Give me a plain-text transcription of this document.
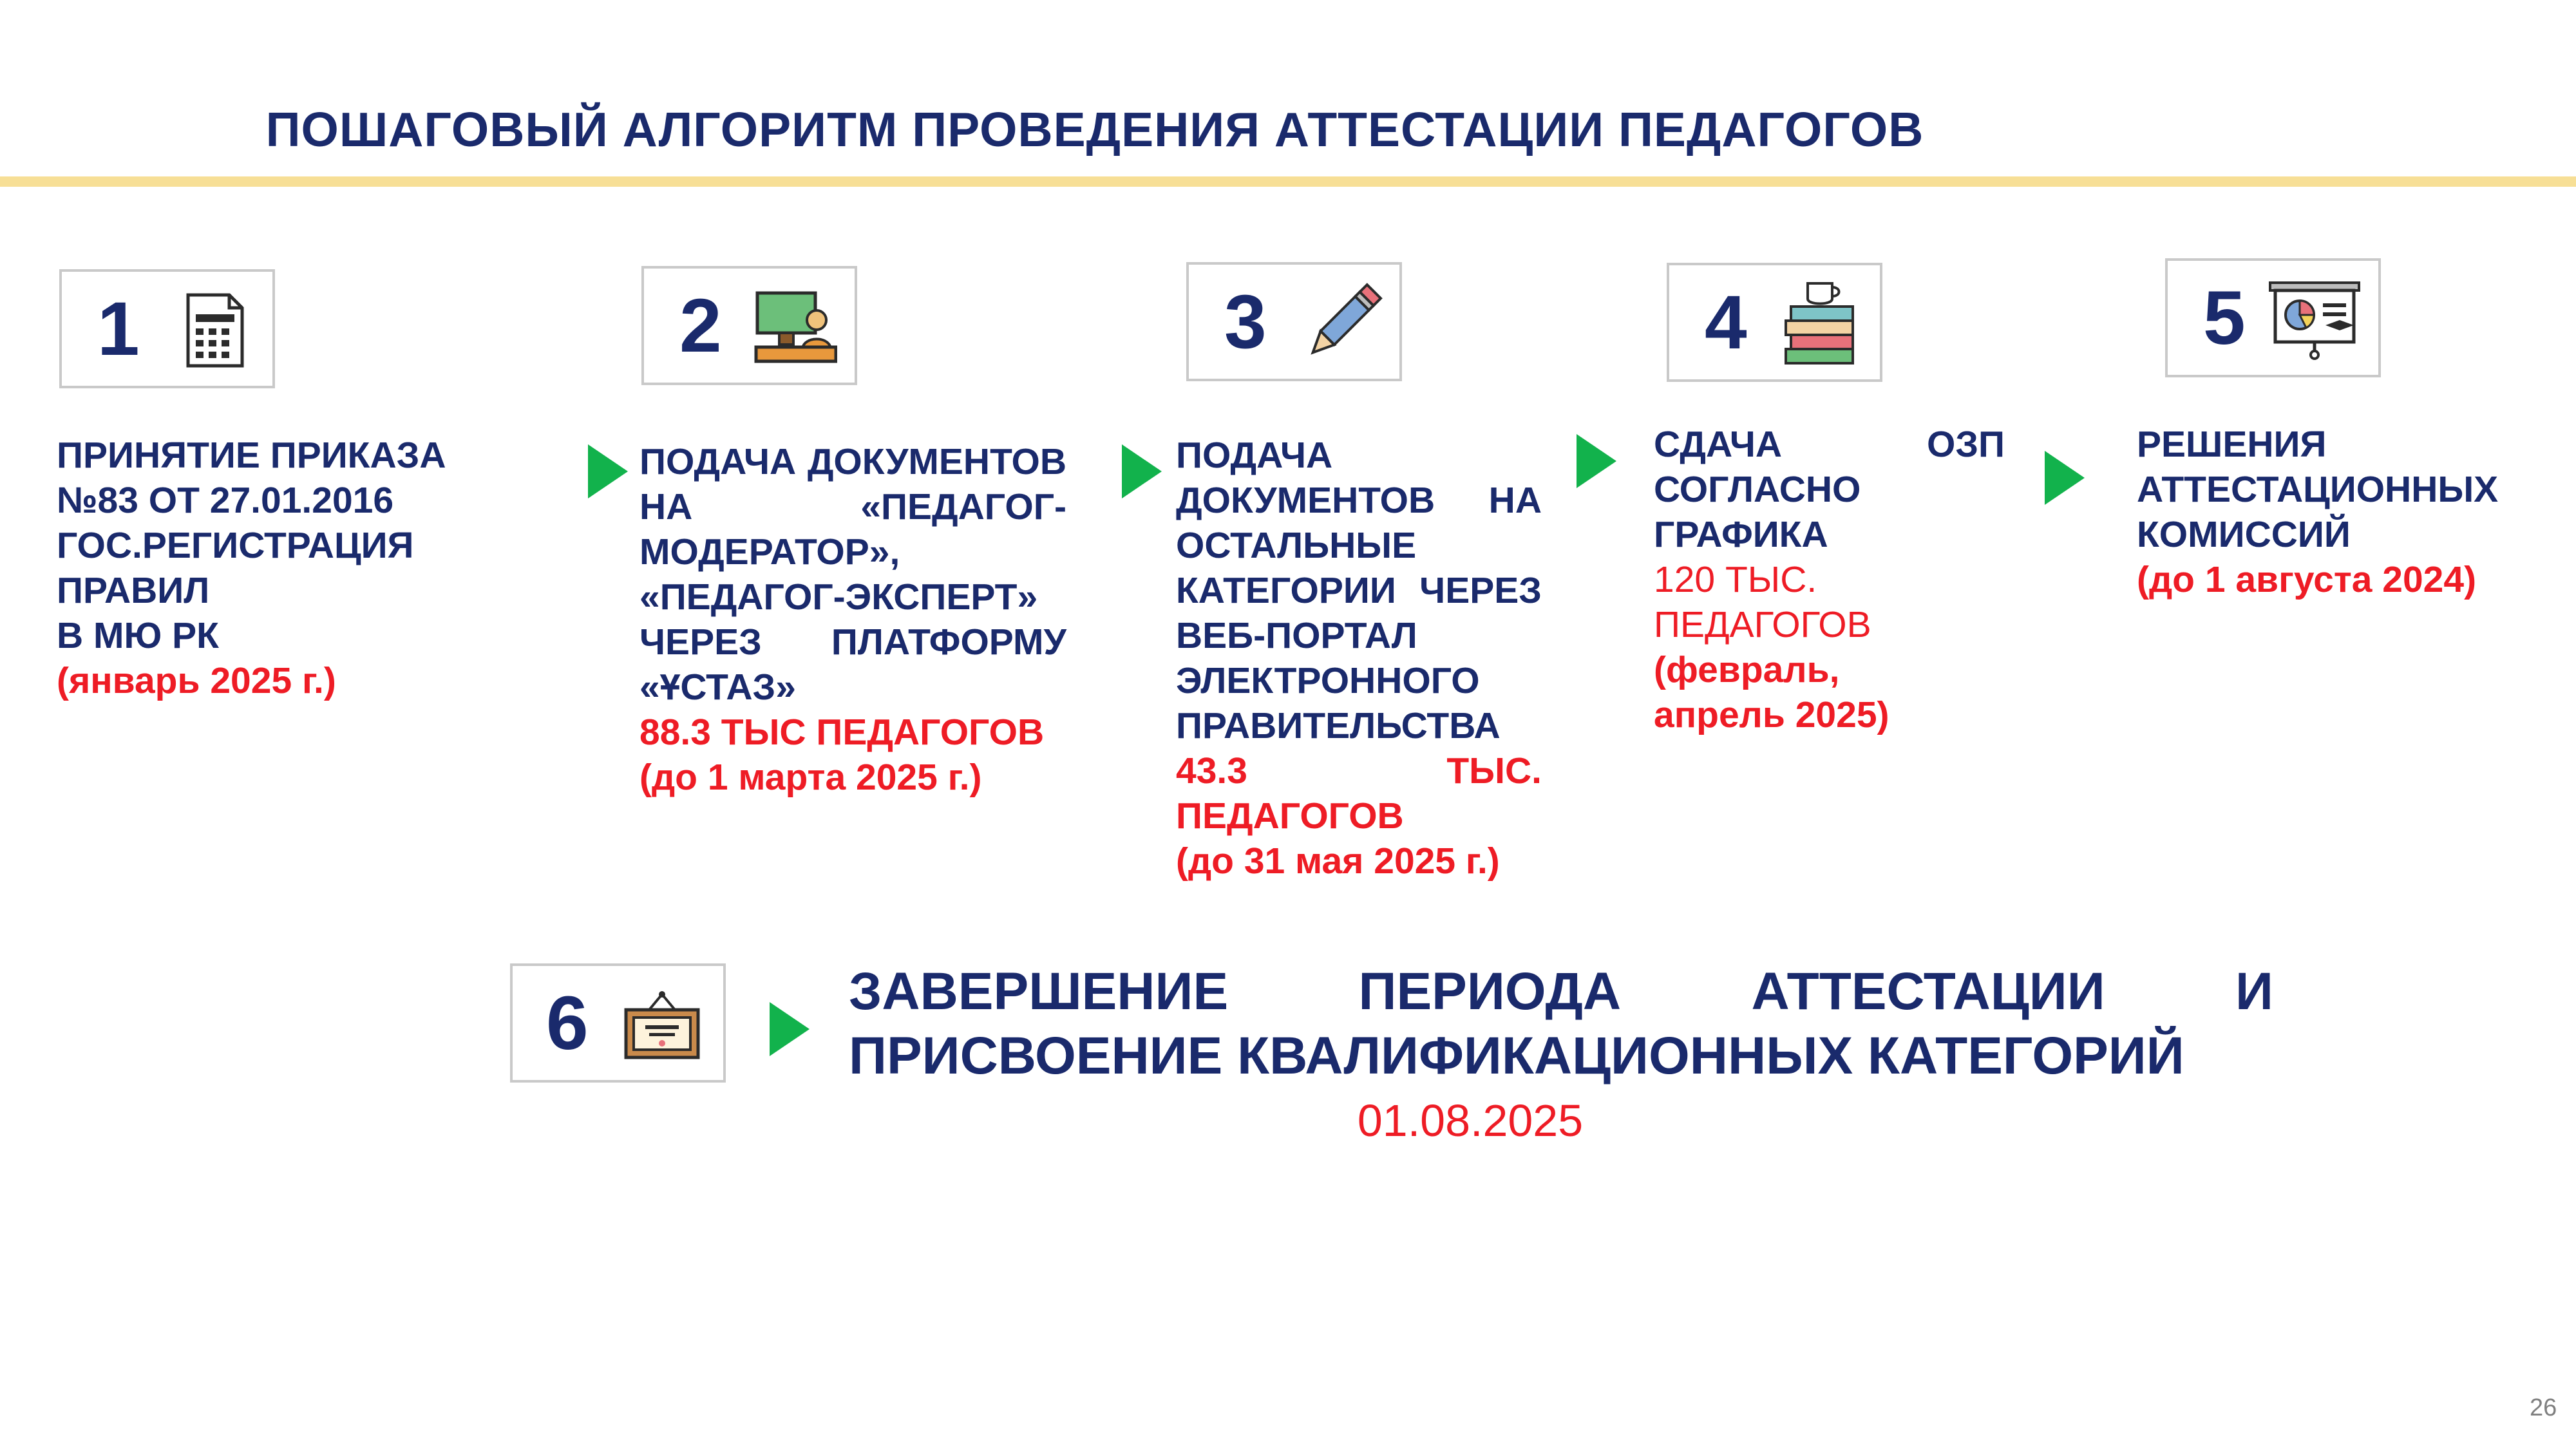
ПОШАГОВЫЙ АЛГОРИТМ ПРОВЕДЕНИЯ АТТЕСТАЦИИ ПЕДАГОГОВ
1
ПРИНЯТИЕ ПРИКАЗА
№83 ОТ 27.01.2016
ГОС.РЕГИСТРАЦИЯ
ПРАВИЛ
В МЮ РК
(январь 2025 г.)
2
ПОДАЧА ДОКУМЕНТОВ НА «ПЕДАГОГ-МОДЕРАТОР», «ПЕДАГОГ-ЭКСПЕРТ» ЧЕРЕЗ ПЛАТФОРМУ «ҰСТАЗ»
88.3 ТЫС ПЕДАГОГОВ
(до 1 марта 2025 г.)
3
ПОДАЧА ДОКУМЕНТОВ НА ОСТАЛЬНЫЕ КАТЕГОРИИ ЧЕРЕЗ ВЕБ-ПОРТАЛ ЭЛЕКТРОННОГО ПРАВИТЕЛЬСТВА
43.3 ТЫС. ПЕДАГОГОВ
(до 31 мая 2025 г.)
4
СДАЧА ОЗП СОГЛАСНО ГРАФИКА
120 ТЫС. ПЕДАГОГОВ
(февраль, апрель 2025)
5
РЕШЕНИЯ
АТТЕСТАЦИОННЫХ
КОМИССИЙ
(до 1 августа 2024)
6	ЗАВЕРШЕНИЕ ПЕРИОДА АТТЕСТАЦИИ И ПРИСВОЕНИЕ КВАЛИФИКАЦИОННЫХ КАТЕГОРИЙ
01.08.2025
26
